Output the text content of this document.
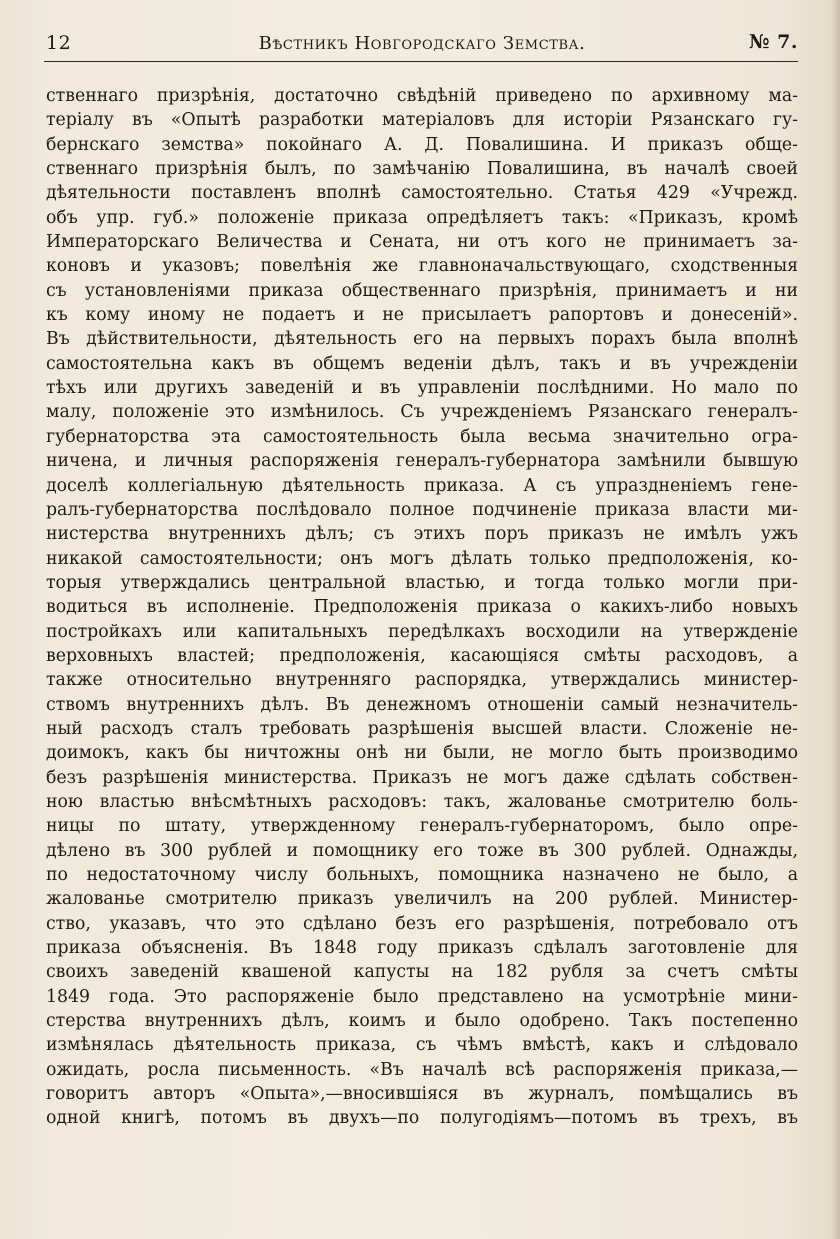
12	Вѣстникъ Новгородскаго Земства.	№ 7.
ственнаго призрѣнія, достаточно свѣдѣній приведено по архивному ма-
теріалу въ «Опытѣ разработки матеріаловъ для исторіи Рязанскаго гу-
бернскаго земства» покойнаго А. Д. Повалишина. И приказъ обще-
ственнаго призрѣнія былъ, по замѣчанію Повалишина, въ началѣ своей
дѣятельности поставленъ вполнѣ самостоятельно. Статья 429 «Учрежд.
объ упр. губ.» положеніе приказа опредѣляетъ такъ: «Приказъ, кромѣ
Императорскаго Величества и Сената, ни отъ кого не принимаетъ за-
коновъ и указовъ; повелѣнія же главноначальствующаго, сходственныя
съ установленіями приказа общественнаго призрѣнія, принимаетъ и ни
къ кому иному не подаетъ и не присылаетъ рапортовъ и донесеній».
Въ дѣйствительности, дѣятельность его на первыхъ порахъ была вполнѣ
самостоятельна какъ въ общемъ веденіи дѣлъ, такъ и въ учрежденіи
тѣхъ или другихъ заведеній и въ управленіи послѣдними. Но мало по
малу, положеніе это измѣнилось. Съ учрежденіемъ Рязанскаго генералъ-
губернаторства эта самостоятельность была весьма значительно огра-
ничена, и личныя распоряженія генералъ-губернатора замѣнили бывшую
доселѣ коллегіальную дѣятельность приказа. А съ упраздненіемъ гене-
ралъ-губернаторства послѣдовало полное подчиненіе приказа власти ми-
нистерства внутреннихъ дѣлъ; съ этихъ поръ приказъ не имѣлъ ужъ
никакой самостоятельности; онъ могъ дѣлать только предположенія, ко-
торыя утверждались центральной властью, и тогда только могли при-
водиться въ исполненіе. Предположенія приказа о какихъ-либо новыхъ
постройкахъ или капитальныхъ передѣлкахъ восходили на утвержденіе
верховныхъ властей; предположенія, касающіяся смѣты расходовъ, а
также относительно внутренняго распорядка, утверждались министер-
ствомъ внутреннихъ дѣлъ. Въ денежномъ отношеніи самый незначитель-
ный расходъ сталъ требовать разрѣшенія высшей власти. Сложеніе не-
доимокъ, какъ бы ничтожны онѣ ни были, не могло быть производимо
безъ разрѣшенія министерства. Приказъ не могъ даже сдѣлать собствен-
ною властью внѣсмѣтныхъ расходовъ: такъ, жалованье смотрителю боль-
ницы по штату, утвержденному генералъ-губернаторомъ, было опре-
дѣлено въ 300 рублей и помощнику его тоже въ 300 рублей. Однажды,
по недостаточному числу больныхъ, помощника назначено не было, а
жалованье смотрителю приказъ увеличилъ на 200 рублей. Министер-
ство, указавъ, что это сдѣлано безъ его разрѣшенія, потребовало отъ
приказа объясненія. Въ 1848 году приказъ сдѣлалъ заготовленіе для
своихъ заведеній квашеной капусты на 182 рубля за счетъ смѣты
1849 года. Это распоряженіе было представлено на усмотрѣніе мини-
стерства внутреннихъ дѣлъ, коимъ и было одобрено. Такъ постепенно
измѣнялась дѣятельность приказа, съ чѣмъ вмѣстѣ, какъ и слѣдовало
ожидать, росла письменность. «Въ началѣ всѣ распоряженія приказа,—
говоритъ авторъ «Опыта»,—вносившіяся въ журналъ, помѣщались въ
одной книгѣ, потомъ въ двухъ—по полугодіямъ—потомъ въ трехъ, въ
